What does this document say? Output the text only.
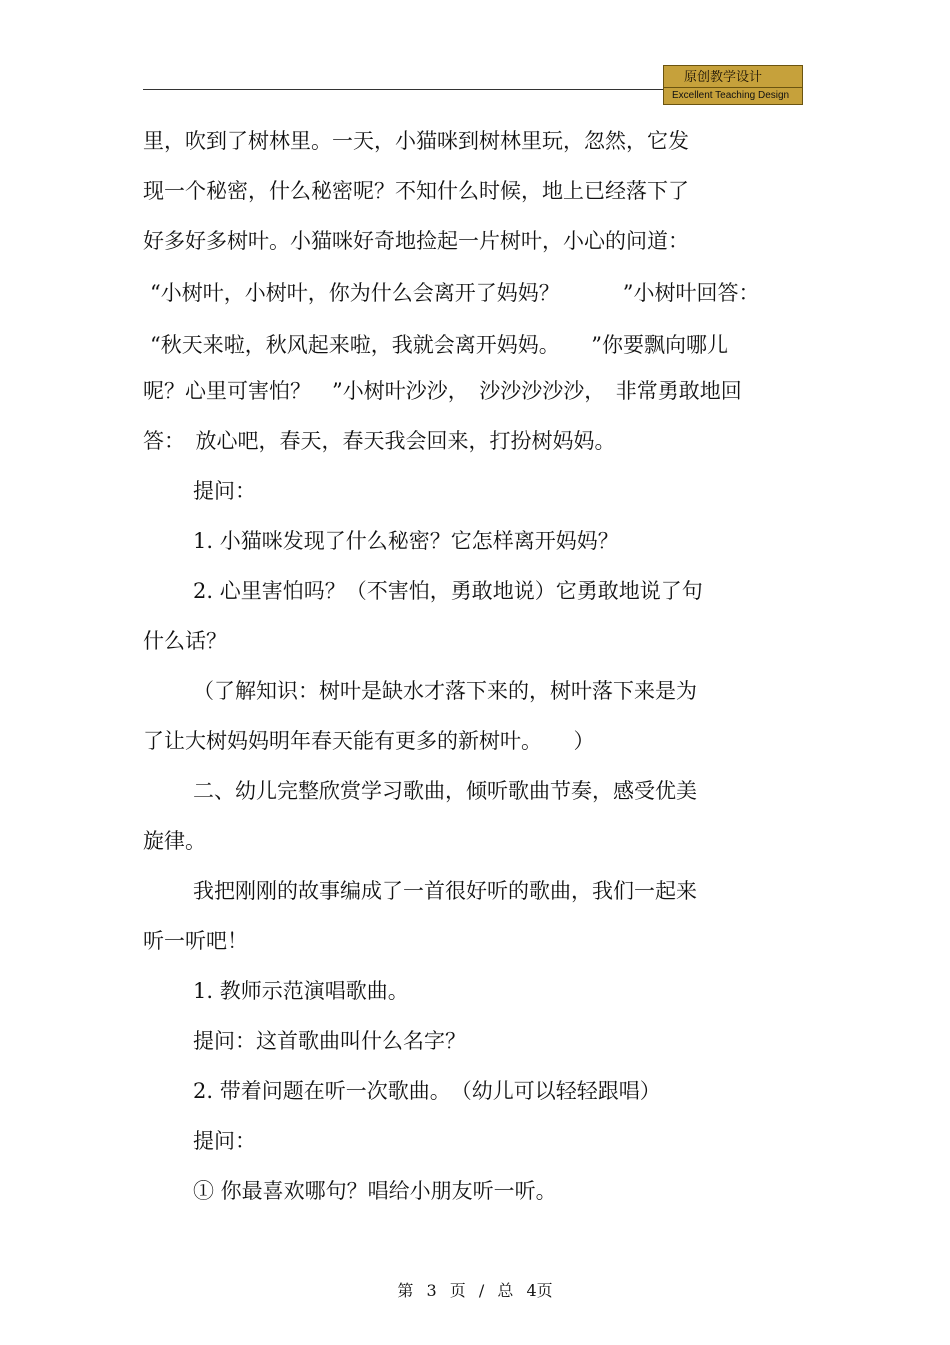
原创教学设计
Excellent Teaching Design
里，吹到了树林里。一天，小猫咪到树林里玩，忽然，它发
现一个秘密，什么秘密呢？不知什么时候，地上已经落下了
好多好多树叶。小猫咪好奇地捡起一片树叶，小心的问道：
“小树叶，小树叶，你为什么会离开了妈妈？　　　”小树叶回答：
“秋天来啦，秋风起来啦，我就会离开妈妈。　　”你要飘向哪儿
呢？心里可害怕？　”小树叶沙沙，　沙沙沙沙沙，　非常勇敢地回
答：　放心吧，春天，春天我会回来，打扮树妈妈。
提问：
1. 小猫咪发现了什么秘密？它怎样离开妈妈？
2. 心里害怕吗？（不害怕，勇敢地说）它勇敢地说了句
什么话？
（了解知识：树叶是缺水才落下来的，树叶落下来是为
了让大树妈妈明年春天能有更多的新树叶。　　）
二、幼儿完整欣赏学习歌曲，倾听歌曲节奏，感受优美
旋律。
我把刚刚的故事编成了一首很好听的歌曲，我们一起来
听一听吧！
1. 教师示范演唱歌曲。
提问：这首歌曲叫什么名字？
2. 带着问题在听一次歌曲。　（幼儿可以轻轻跟唱）
提问：
① 你最喜欢哪句？唱给小朋友听一听。
第 3 页 / 总 4页
